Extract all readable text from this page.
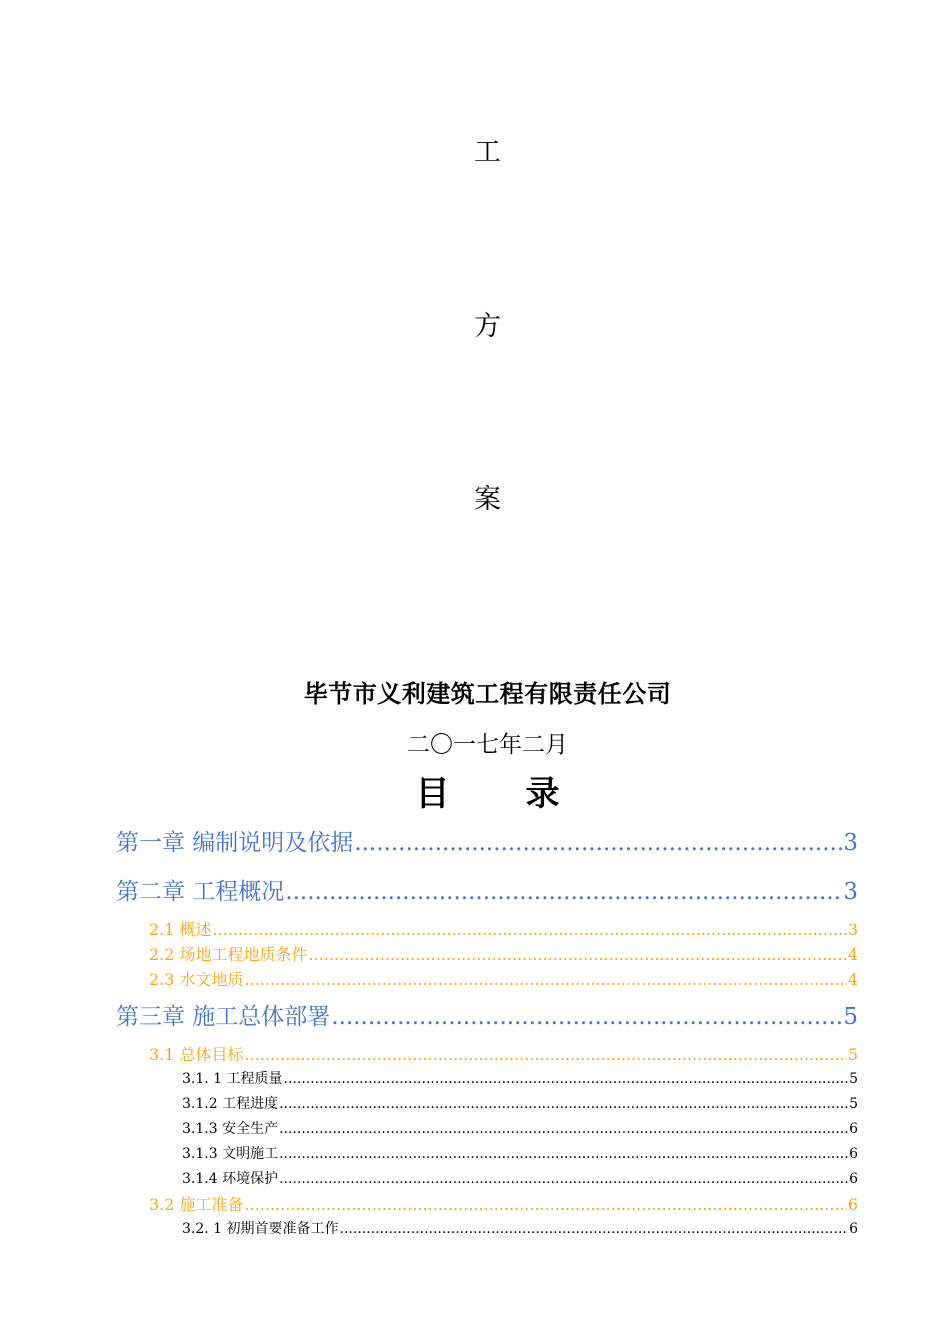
工
方
案
毕节市义利建筑工程有限责任公司
二〇一七年二月
目录
第一章 编制说明及依据 .....	3
第二章 工程概况 .....	3
2.1 概述 .....	3
2.2 场地工程地质条件 .....	4
2.3 水文地质 .....	4
第三章 施工总体部署 .....	5
3.1 总体目标 .....	5
3.1. 1 工程质量 .....	5
3.1.2 工程进度 .....	5
3.1.3 安全生产 .....	6
3.1.3 文明施工 .....	6
3.1.4 环境保护 .....	6
3.2 施工准备 .....	6
3.2. 1 初期首要准备工作 .....	6
